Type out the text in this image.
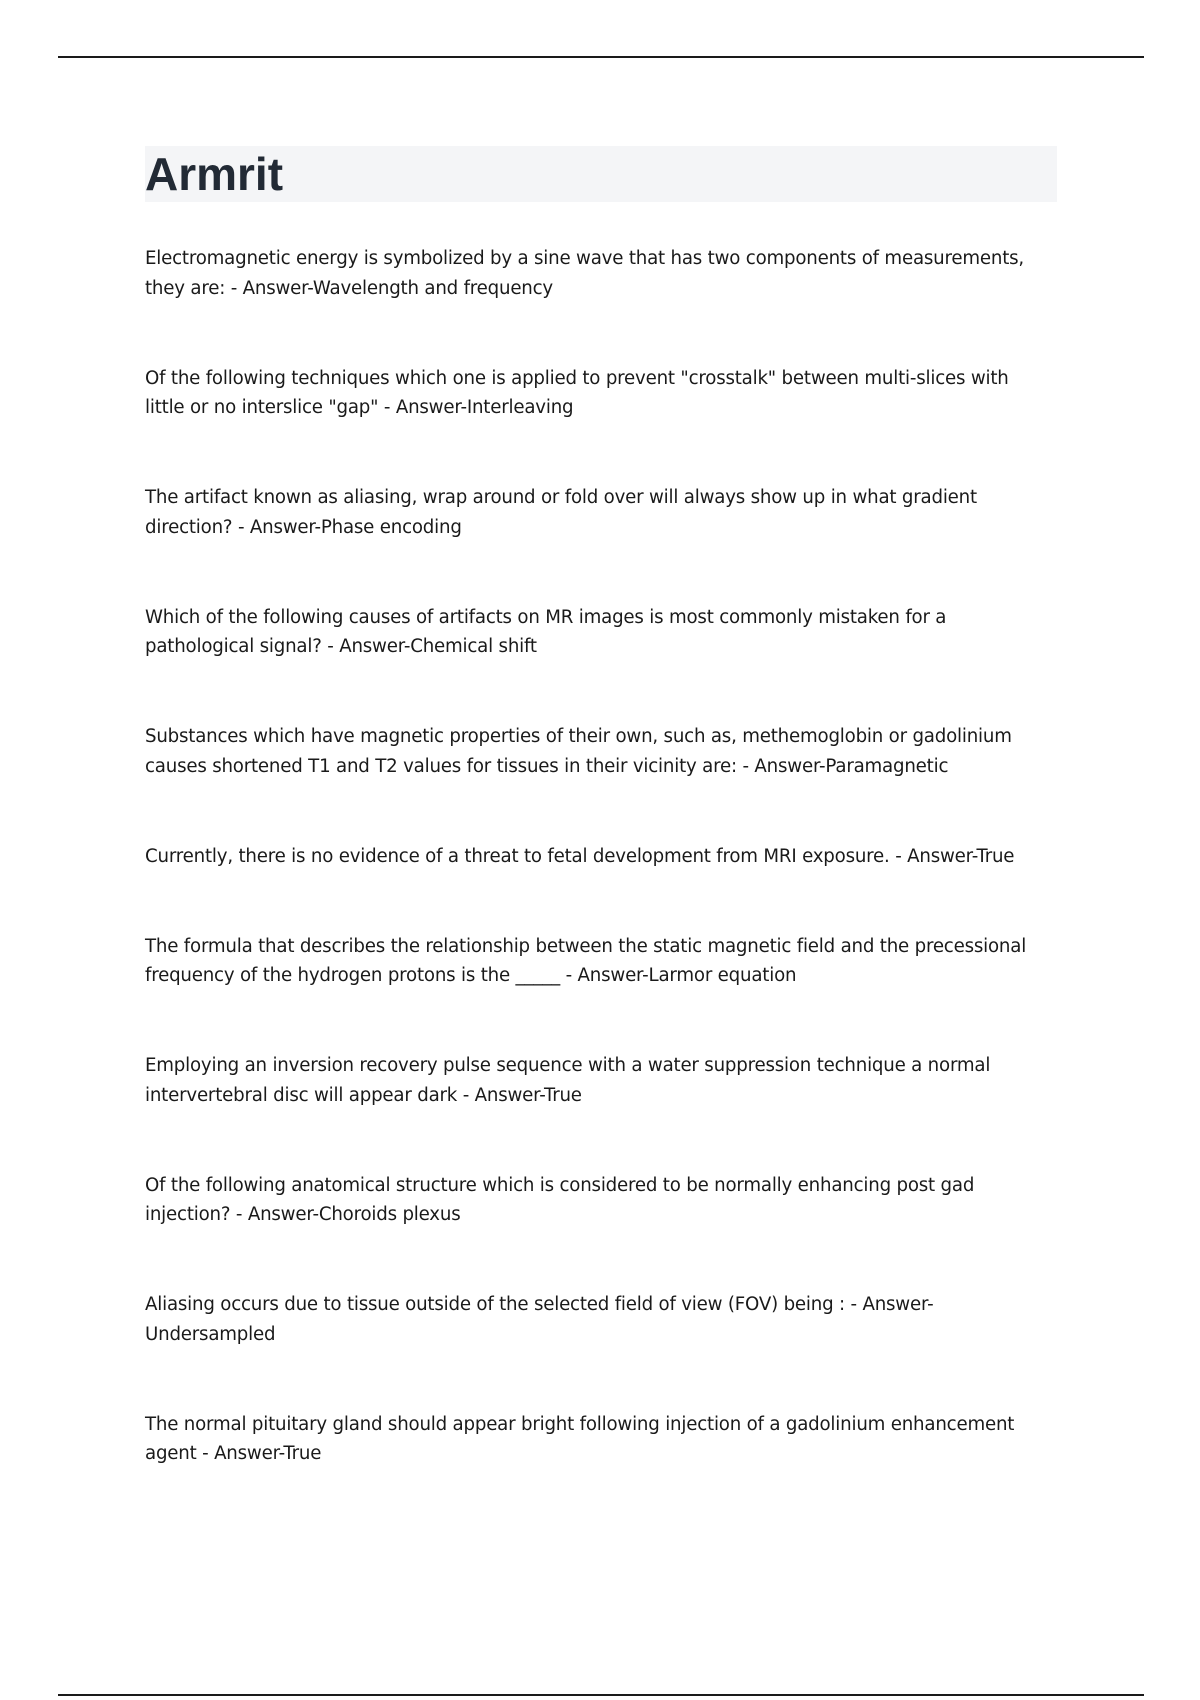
Armrit
Electromagnetic energy is symbolized by a sine wave that has two components of measurements, they are: - Answer-Wavelength and frequency
Of the following techniques which one is applied to prevent "crosstalk" between multi-slices with little or no interslice "gap" - Answer-Interleaving
The artifact known as aliasing, wrap around or fold over will always show up in what gradient direction? - Answer-Phase encoding
Which of the following causes of artifacts on MR images is most commonly mistaken for a pathological signal? - Answer-Chemical shift
Substances which have magnetic properties of their own, such as, methemoglobin or gadolinium causes shortened T1 and T2 values for tissues in their vicinity are: - Answer-Paramagnetic
Currently, there is no evidence of a threat to fetal development from MRI exposure. - Answer-True
The formula that describes the relationship between the static magnetic field and the precessional frequency of the hydrogen protons is the _____ - Answer-Larmor equation
Employing an inversion recovery pulse sequence with a water suppression technique a normal intervertebral disc will appear dark - Answer-True
Of the following anatomical structure which is considered to be normally enhancing post gad injection? - Answer-Choroids plexus
Aliasing occurs due to tissue outside of the selected field of view (FOV) being : - Answer-Undersampled
The normal pituitary gland should appear bright following injection of a gadolinium enhancement agent - Answer-True
